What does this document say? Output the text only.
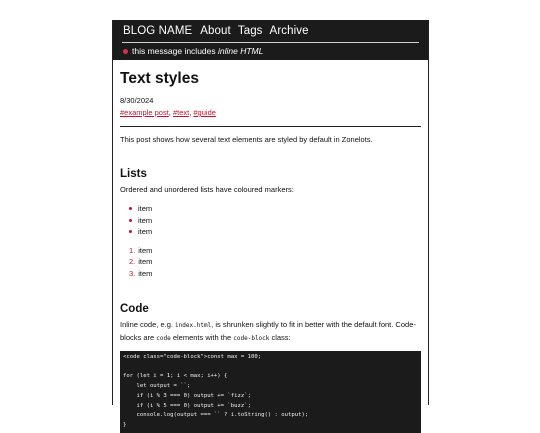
BLOG NAME About Tags Archive
this message includes inline HTML
Text styles
8/30/2024
#example post, #text, #guide

This post shows how several text elements are styled by default in Zonelots.

Lists

Ordered and unordered lists have coloured markers:

item
item
item
1. item
2. item
3. item
Code

Inline code, e.g. index.html, is shrunken slightly to fit in better with the default font. Code-blocks are code elements with the code-block class:

<code class="code-block">const max = 100;
for (let i = 1; i < max; i++) {
let output = ``;
if (i % 3 === 0) output += `fizz`;
if (i % 5 === 0) output += `buzz`;
console.log(output === `` ? i.toString() : output);
}
